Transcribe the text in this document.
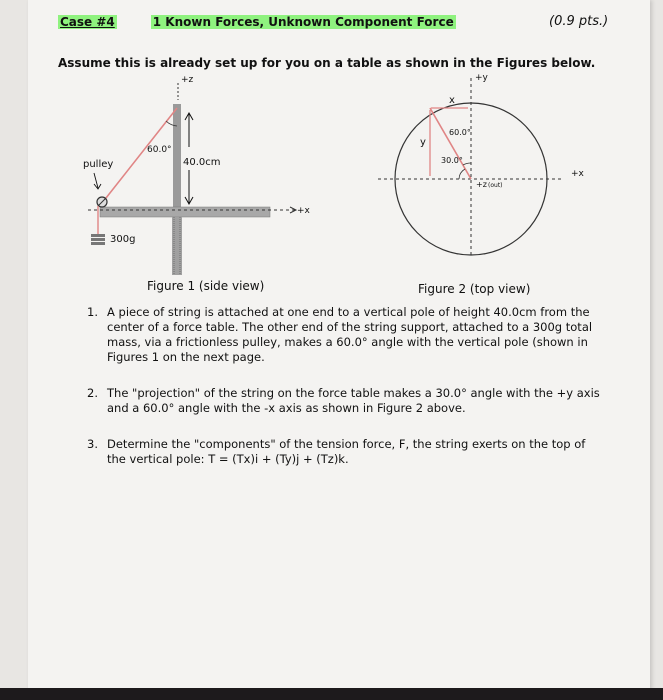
Case #4	1 Known Forces, Unknown Component Force	(0.9 pts.)
Assume this is already set up for you on a table as shown in the Figures below.
+z
+x
60.0°
40.0cm
pulley
300g
+y
+x
x
y
60.0°
30.0°
+z (out)
Figure 1 (side view)	Figure 2 (top view)
1. A piece of string is attached at one end to a vertical pole of height 40.0cm from the center of a force table. The other end of the string support, attached to a 300g total mass, via a frictionless pulley, makes a 60.0° angle with the vertical pole (shown in Figures 1 on the next page.
2. The "projection" of the string on the force table makes a 30.0° angle with the +y axis and a 60.0° angle with the -x axis as shown in Figure 2 above.
3. Determine the "components" of the tension force, F, the string exerts on the top of the vertical pole: T = (Tx)i + (Ty)j + (Tz)k.
